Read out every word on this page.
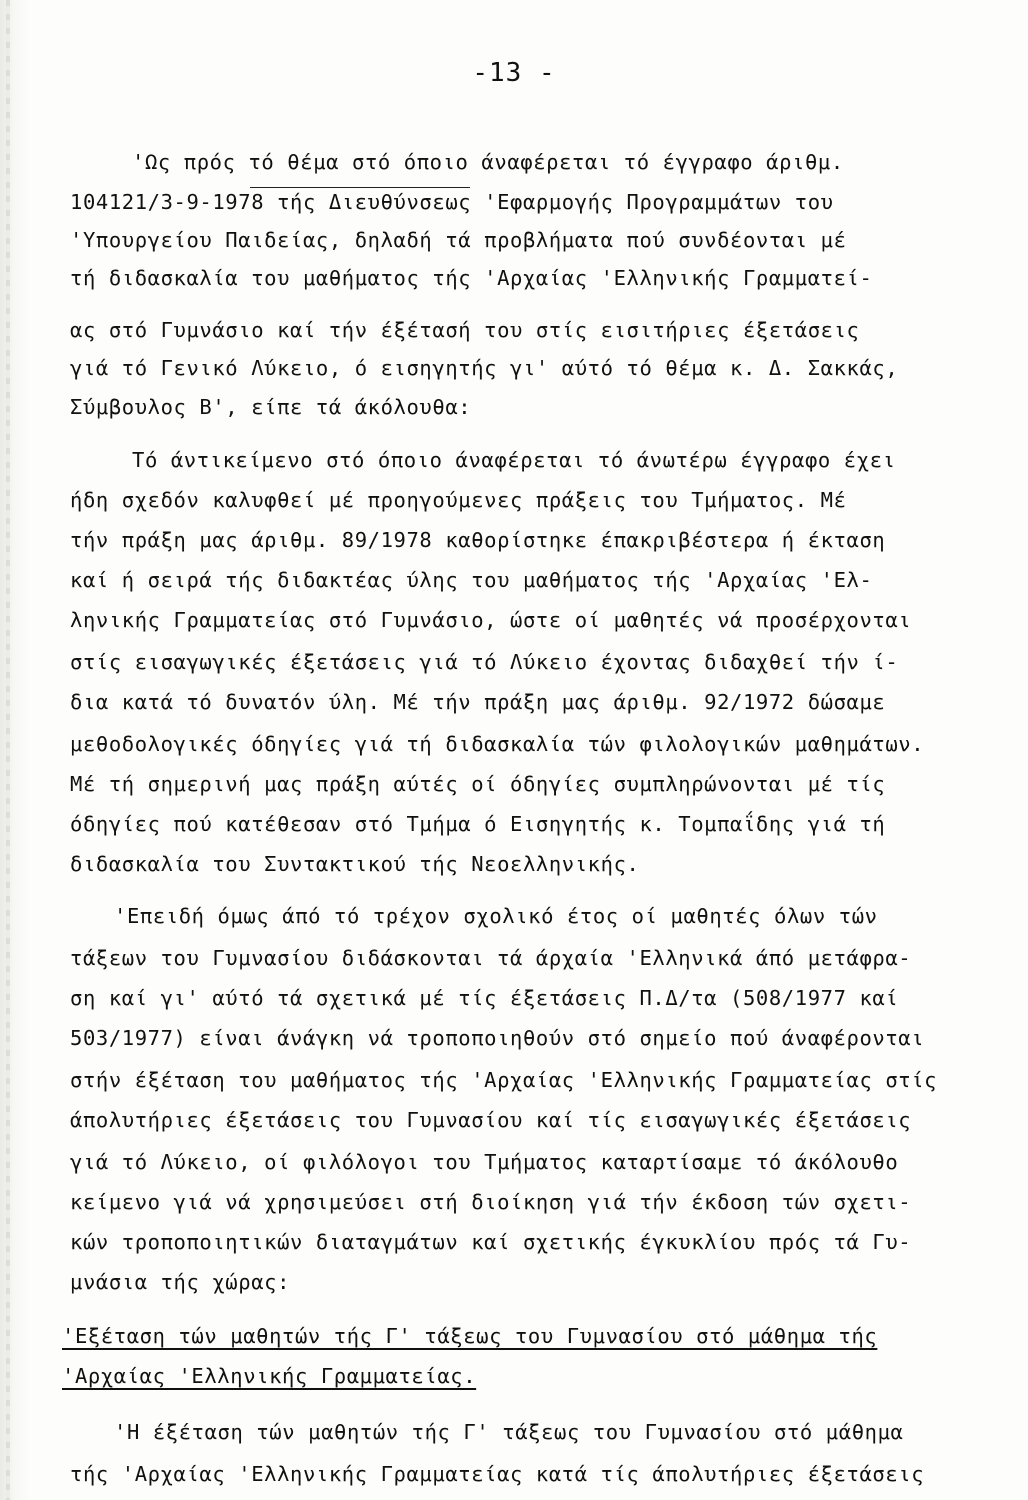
-13 -
'Ως πρός τό θέμα στό όποιο άναφέρεται τό έγγραφο άριθμ.
104121/3-9-1978 τής Διευθύνσεως 'Εφαρμογής Προγραμμάτων του
'Υπουργείου Παιδείας, δηλαδή τά προβλήματα πού συνδέονται μέ
τή διδασκαλία του μαθήματος τής 'Αρχαίας 'Ελληνικής Γραμματεί-
ας στό Γυμνάσιο καί τήν έξέτασή του στίς εισιτήριες έξετάσεις
γιά τό Γενικό Λύκειο, ό εισηγητής γι' αύτό τό θέμα κ. Δ. Σακκάς,
Σύμβουλος Β', είπε τά άκόλουθα:
Τό άντικείμενο στό όποιο άναφέρεται τό άνωτέρω έγγραφο έχει
ήδη σχεδόν καλυφθεί μέ προηγούμενες πράξεις του Τμήματος. Μέ
τήν πράξη μας άριθμ. 89/1978 καθορίστηκε έπακριβέστερα ή έκταση
καί ή σειρά τής διδακτέας ύλης του μαθήματος τής 'Αρχαίας 'Ελ-
ληνικής Γραμματείας στό Γυμνάσιο, ώστε οί μαθητές νά προσέρχονται
στίς εισαγωγικές έξετάσεις γιά τό Λύκειο έχοντας διδαχθεί τήν ί-
δια κατά τό δυνατόν ύλη. Μέ τήν πράξη μας άριθμ. 92/1972 δώσαμε
μεθοδολογικές όδηγίες γιά τή διδασκαλία τών φιλολογικών μαθημάτων.
Μέ τή σημερινή μας πράξη αύτές οί όδηγίες συμπληρώνονται μέ τίς
όδηγίες πού κατέθεσαν στό Τμήμα ό Εισηγητής κ. Τομπαΐδης γιά τή
διδασκαλία του Συντακτικού τής Νεοελληνικής.
'Επειδή όμως άπό τό τρέχον σχολικό έτος οί μαθητές όλων τών
τάξεων του Γυμνασίου διδάσκονται τά άρχαία 'Ελληνικά άπό μετάφρα-
ση καί γι' αύτό τά σχετικά μέ τίς έξετάσεις Π.Δ/τα (508/1977 καί
503/1977) είναι άνάγκη νά τροποποιηθούν στό σημείο πού άναφέρονται
στήν έξέταση του μαθήματος τής 'Αρχαίας 'Ελληνικής Γραμματείας στίς
άπολυτήριες έξετάσεις του Γυμνασίου καί τίς εισαγωγικές έξετάσεις
γιά τό Λύκειο, οί φιλόλογοι του Τμήματος καταρτίσαμε τό άκόλουθο
κείμενο γιά νά χρησιμεύσει στή διοίκηση γιά τήν έκδοση τών σχετι-
κών τροποποιητικών διαταγμάτων καί σχετικής έγκυκλίου πρός τά Γυ-
μνάσια τής χώρας:
'Εξέταση τών μαθητών τής Γ' τάξεως του Γυμνασίου στό μάθημα τής
'Αρχαίας 'Ελληνικής Γραμματείας.
'Η έξέταση τών μαθητών τής Γ' τάξεως του Γυμνασίου στό μάθημα
τής 'Αρχαίας 'Ελληνικής Γραμματείας κατά τίς άπολυτήριες έξετάσεις
